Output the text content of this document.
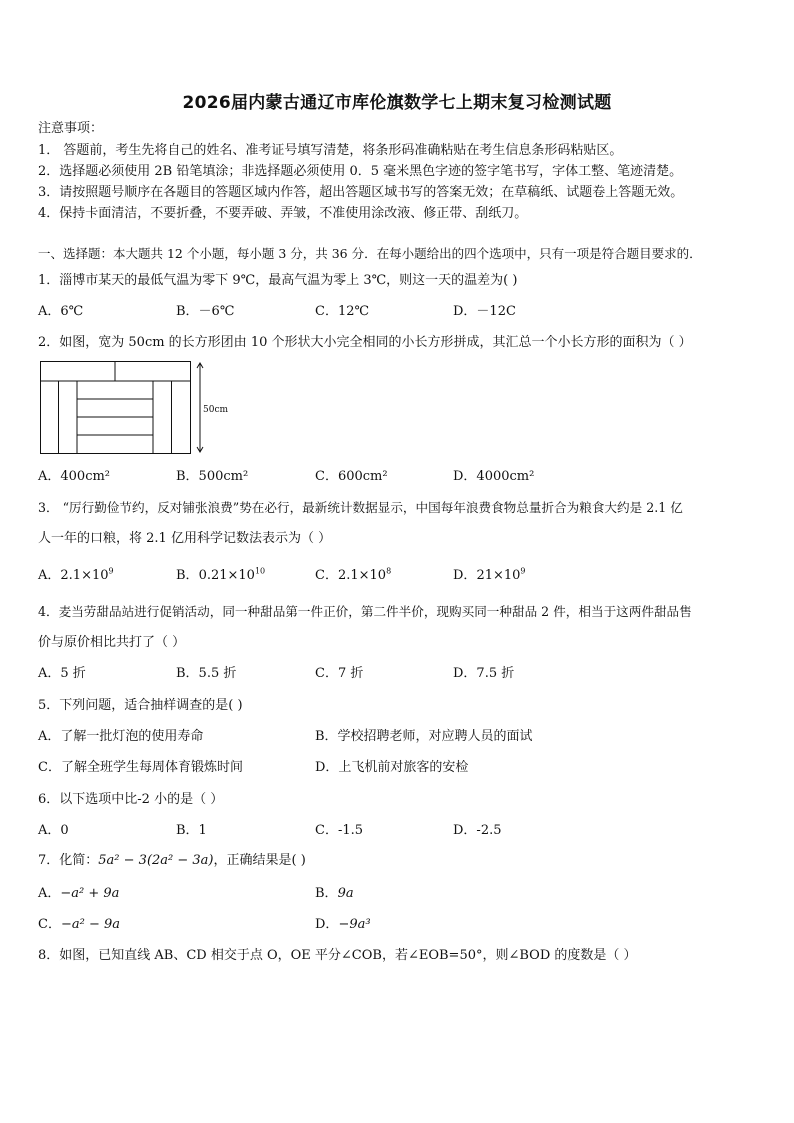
2026届内蒙古通辽市库伦旗数学七上期末复习检测试题
注意事项：
1． 答题前，考生先将自己的姓名、准考证号填写清楚，将条形码准确粘贴在考生信息条形码粘贴区。
2．选择题必须使用 2B 铅笔填涂；非选择题必须使用 0．5 毫米黑色字迹的签字笔书写，字体工整、笔迹清楚。
3．请按照题号顺序在各题目的答题区域内作答，超出答题区域书写的答案无效；在草稿纸、试题卷上答题无效。
4．保持卡面清洁，不要折叠，不要弄破、弄皱，不准使用涂改液、修正带、刮纸刀。
一、选择题：本大题共 12 个小题，每小题 3 分，共 36 分．在每小题给出的四个选项中，只有一项是符合题目要求的．
1．淄博市某天的最低气温为零下 9℃，最高气温为零上 3℃，则这一天的温差为( )
A．6℃	B．－6℃	C．12℃	D．－12C
2．如图，宽为 50cm 的长方形团由 10 个形状大小完全相同的小长方形拼成，其汇总一个小长方形的面积为（ ）
50cm
A．400cm²	B．500cm²	C．600cm²	D．4000cm²
3． “厉行勤俭节约，反对铺张浪费”势在必行，最新统计数据显示，中国每年浪费食物总量折合为粮食大约是 2.1 亿
人一年的口粮，将 2.1 亿用科学记数法表示为（ ）
A．$2.1\times 10^9$	B．$0.21\times 10^{10}$	C．$2.1\times 10^8$	D．$21\times 10^9$
4．麦当劳甜品站进行促销活动，同一种甜品第一件正价，第二件半价，现购买同一种甜品 2 件，相当于这两件甜品售
价与原价相比共打了（ ）
A．5 折	B．5.5 折	C．7 折	D．7.5 折
5．下列问题，适合抽样调查的是( )
A．了解一批灯泡的使用寿命	B．学校招聘老师，对应聘人员的面试
C．了解全班学生每周体育锻炼时间	D．上飞机前对旅客的安检
6．以下选项中比-2 小的是（ ）
A．0	B．1	C．-1.5	D．-2.5
7．化简：5a² − 3(2a² − 3a)，正确结果是( )
A．−a² + 9a	B．9a
C．−a² − 9a	D．−9a³
8．如图，已知直线 AB、CD 相交于点 O，OE 平分∠COB，若∠EOB=50°，则∠BOD 的度数是（ ）
